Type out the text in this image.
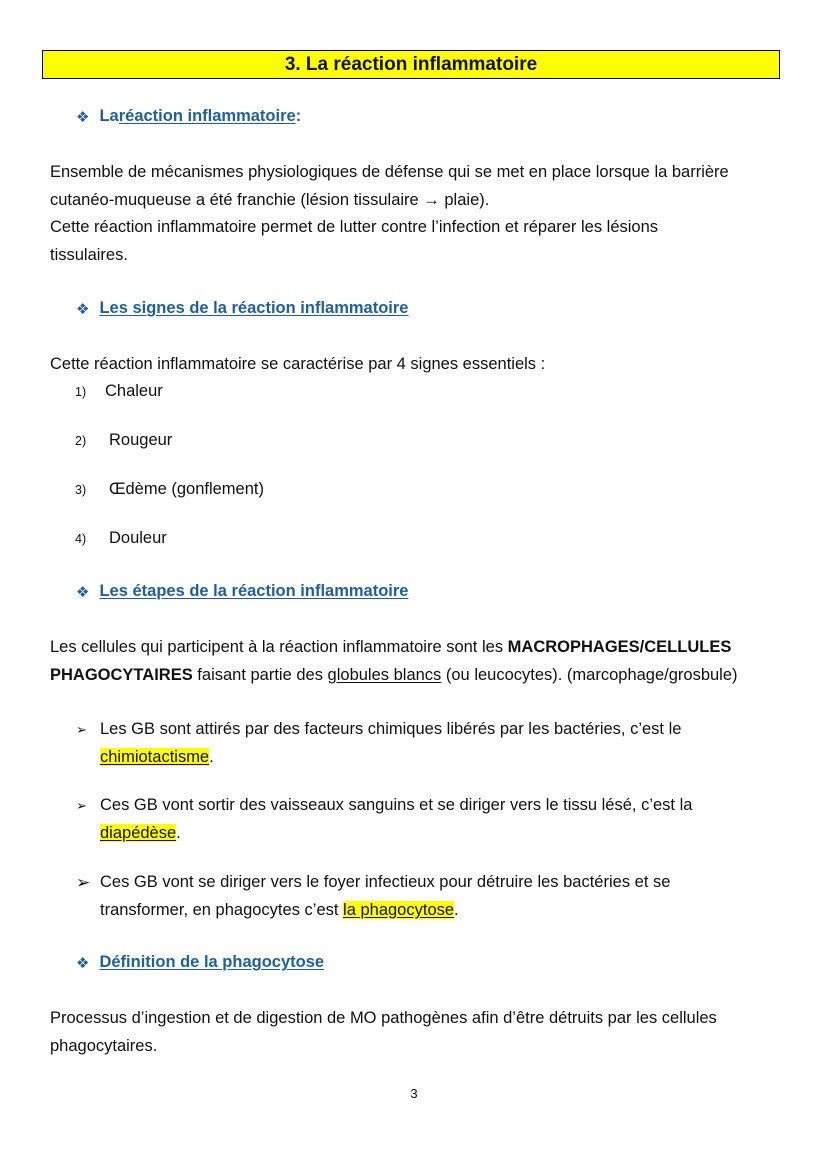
3. La réaction inflammatoire
❖ La réaction inflammatoire :
Ensemble de mécanismes physiologiques de défense qui se met en place lorsque la barrière
cutanéo-muqueuse a été franchie (lésion tissulaire → plaie).
Cette réaction inflammatoire permet de lutter contre l’infection et réparer les lésions
tissulaires.
❖ Les signes de la réaction inflammatoire
Cette réaction inflammatoire se caractérise par 4 signes essentiels :
1)	Chaleur
2)	Rougeur
3)	Œdème (gonflement)
4)	Douleur
❖ Les étapes de la réaction inflammatoire
Les cellules qui participent à la réaction inflammatoire sont les MACROPHAGES/CELLULES
PHAGOCYTAIRES faisant partie des globules blancs (ou leucocytes). (marcophage/grosbule)
➢ Les GB sont attirés par des facteurs chimiques libérés par les bactéries, c’est le
chimiotactisme.
➢ Ces GB vont sortir des vaisseaux sanguins et se diriger vers le tissu lésé, c’est la
diapédèse.
➢ Ces GB vont se diriger vers le foyer infectieux pour détruire les bactéries et se
transformer, en phagocytes c’est la phagocytose.
❖ Définition de la phagocytose
Processus d’ingestion et de digestion de MO pathogènes afin d’être détruits par les cellules
phagocytaires.
3
